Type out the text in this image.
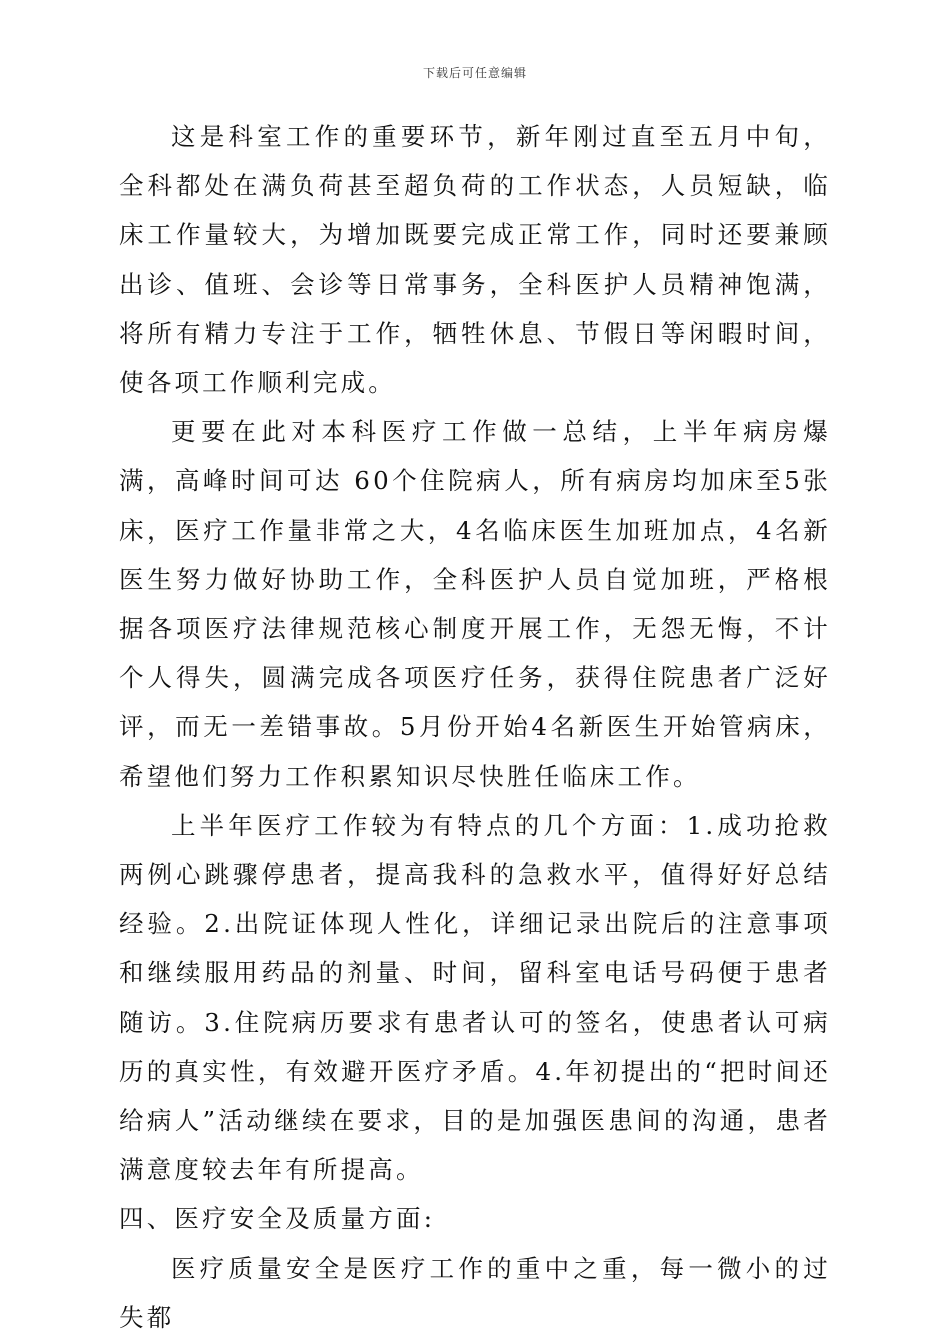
下载后可任意编辑

这是科室工作的重要环节，新年刚过直至五月中旬，全科都处在满负荷甚至超负荷的工作状态，人员短缺，临床工作量较大，为增加既要完成正常工作，同时还要兼顾出诊、值班、会诊等日常事务，全科医护人员精神饱满，将所有精力专注于工作，牺牲休息、节假日等闲暇时间，使各项工作顺利完成。

更要在此对本科医疗工作做一总结，上半年病房爆满，高峰时间可达 60个住院病人，所有病房均加床至5张床，医疗工作量非常之大，4名临床医生加班加点，4名新医生努力做好协助工作，全科医护人员自觉加班，严格根据各项医疗法律规范核心制度开展工作，无怨无悔，不计个人得失，圆满完成各项医疗任务，获得住院患者广泛好评，而无一差错事故。5月份开始4名新医生开始管病床，希望他们努力工作积累知识尽快胜任临床工作。

上半年医疗工作较为有特点的几个方面：1.成功抢救两例心跳骤停患者，提高我科的急救水平，值得好好总结经验。2.出院证体现人性化，详细记录出院后的注意事项和继续服用药品的剂量、时间，留科室电话号码便于患者随访。3.住院病历要求有患者认可的签名，使患者认可病历的真实性，有效避开医疗矛盾。4.年初提出的“把时间还给病人”活动继续在要求，目的是加强医患间的沟通，患者满意度较去年有所提高。

四、医疗安全及质量方面:

医疗质量安全是医疗工作的重中之重，每一微小的过失都
